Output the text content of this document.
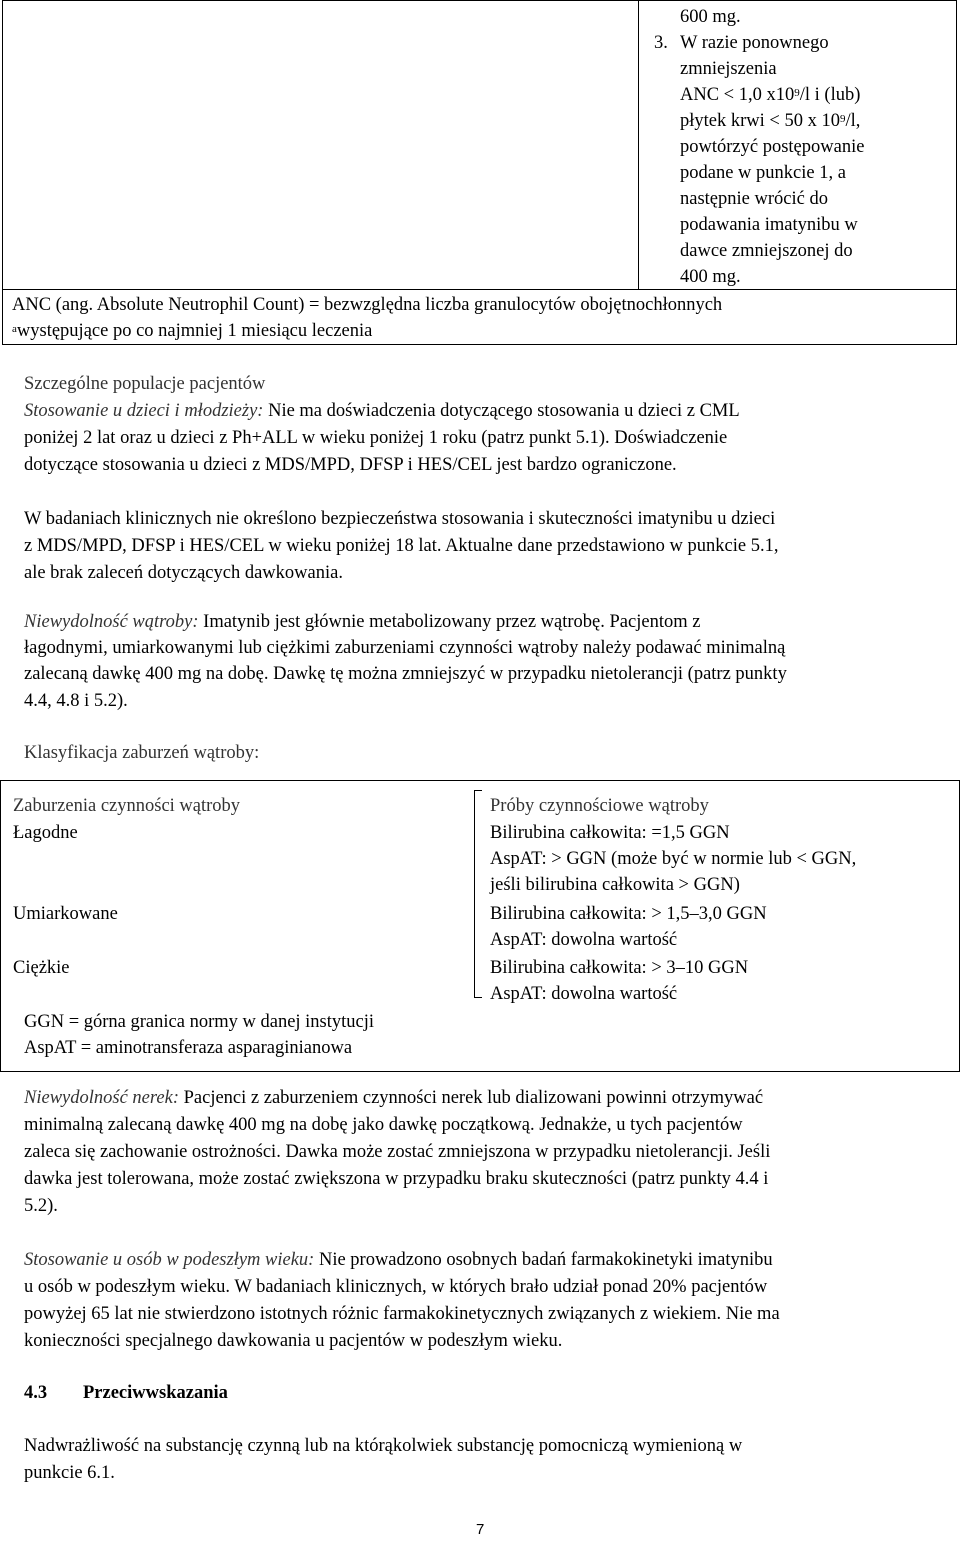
600 mg.
3. W razie ponownego
zmniejszenia
ANC < 1,0 $x10^9/l$ i (lub)
płytek krwi < 50 x $10^9/l$,
powtórzyć postępowanie
podane w punkcie 1, a
następnie wrócić do
podawania imatynibu w
dawce zmniejszonej do
400 mg.
ANC (ang. Absolute Neutrophil Count) = bezwzględna liczba granulocytów obojętnochłonnych
$^a$występujące po co najmniej 1 miesiącu leczenia
Szczególne populacje pacjentów
Stosowanie u dzieci i młodzieży: Nie ma doświadczenia dotyczącego stosowania u dzieci z CML
poniżej 2 lat oraz u dzieci z Ph+ALL w wieku poniżej 1 roku (patrz punkt 5.1). Doświadczenie
dotyczące stosowania u dzieci z MDS/MPD, DFSP i HES/CEL jest bardzo ograniczone.
W badaniach klinicznych nie określono bezpieczeństwa stosowania i skuteczności imatynibu u dzieci
z MDS/MPD, DFSP i HES/CEL w wieku poniżej 18 lat. Aktualne dane przedstawiono w punkcie 5.1,
ale brak zaleceń dotyczących dawkowania.
Niewydolność wątroby: Imatynib jest głównie metabolizowany przez wątrobę. Pacjentom z
łagodnymi, umiarkowanymi lub ciężkimi zaburzeniami czynności wątroby należy podawać minimalną
zalecaną dawkę 400 mg na dobę. Dawkę tę można zmniejszyć w przypadku nietolerancji (patrz punkty
4.4, 4.8 i 5.2).
Klasyfikacja zaburzeń wątroby:
Zaburzenia czynności wątroby	Próby czynnościowe wątroby
Łagodne	Bilirubina całkowita: =1,5 GGN
AspAT: > GGN (może być w normie lub < GGN,
jeśli bilirubina całkowita > GGN)
Umiarkowane	Bilirubina całkowita: > 1,5–3,0 GGN
AspAT: dowolna wartość
Ciężkie	Bilirubina całkowita: > 3–10 GGN
AspAT: dowolna wartość
GGN = górna granica normy w danej instytucji
AspAT = aminotransferaza asparaginianowa
Niewydolność nerek: Pacjenci z zaburzeniem czynności nerek lub dializowani powinni otrzymywać
minimalną zalecaną dawkę 400 mg na dobę jako dawkę początkową. Jednakże, u tych pacjentów
zaleca się zachowanie ostrożności. Dawka może zostać zmniejszona w przypadku nietolerancji. Jeśli
dawka jest tolerowana, może zostać zwiększona w przypadku braku skuteczności (patrz punkty 4.4 i
5.2).
Stosowanie u osób w podeszłym wieku: Nie prowadzono osobnych badań farmakokinetyki imatynibu
u osób w podeszłym wieku. W badaniach klinicznych, w których brało udział ponad 20% pacjentów
powyżej 65 lat nie stwierdzono istotnych różnic farmakokinetycznych związanych z wiekiem. Nie ma
konieczności specjalnego dawkowania u pacjentów w podeszłym wieku.
4.3 Przeciwwskazania
Nadwrażliwość na substancję czynną lub na którąkolwiek substancję pomocniczą wymienioną w
punkcie 6.1.
7
